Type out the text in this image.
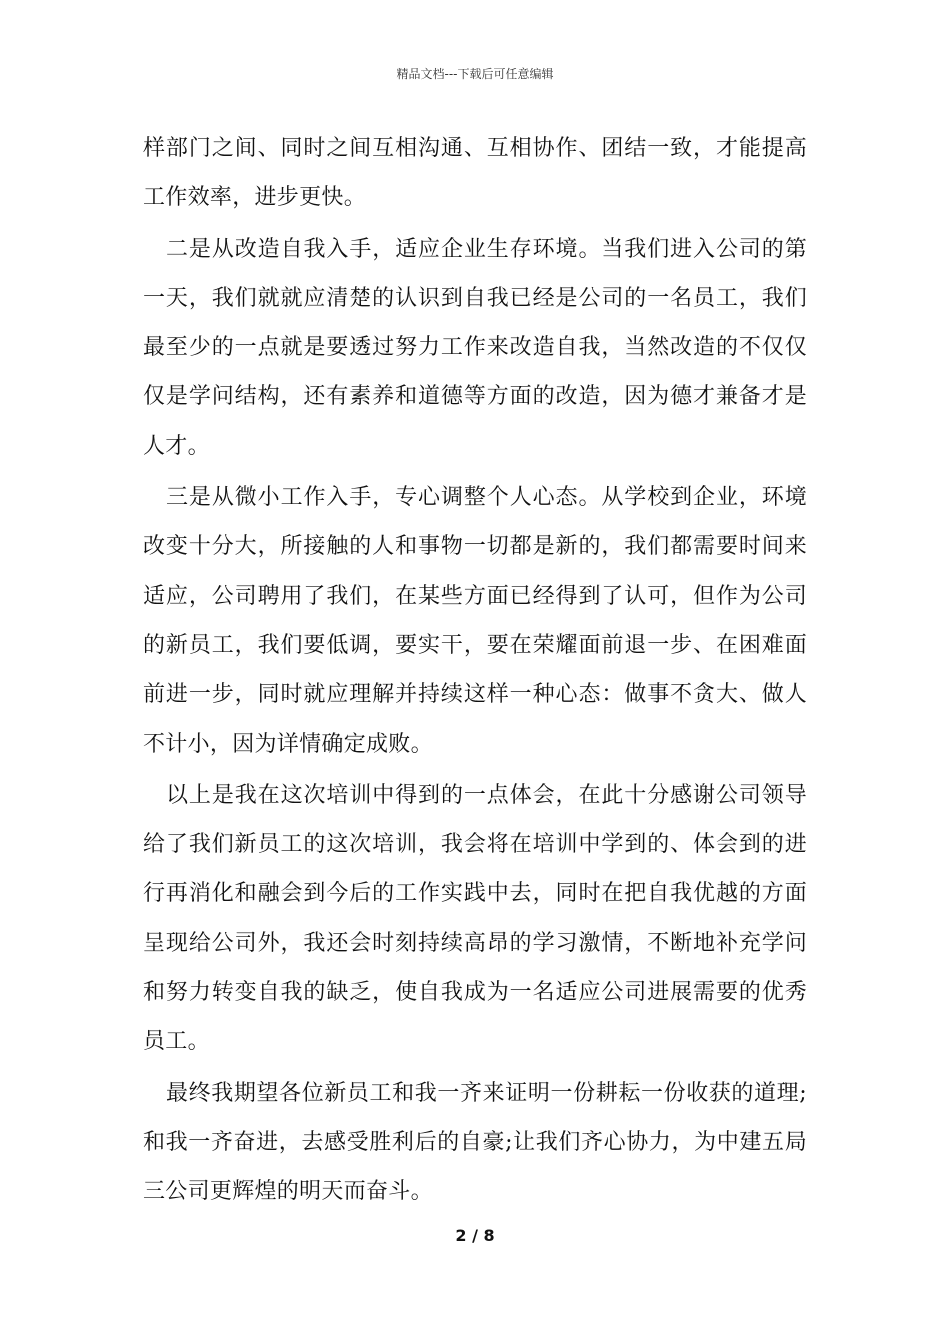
精品文档---下载后可任意编辑

样部门之间、同时之间互相沟通、互相协作、团结一致，才能提高工作效率，进步更快。

二是从改造自我入手，适应企业生存环境。当我们进入公司的第一天，我们就就应清楚的认识到自我已经是公司的一名员工，我们最至少的一点就是要透过努力工作来改造自我，当然改造的不仅仅仅是学问结构，还有素养和道德等方面的改造，因为德才兼备才是人才。

三是从微小工作入手，专心调整个人心态。从学校到企业，环境改变十分大，所接触的人和事物一切都是新的，我们都需要时间来适应，公司聘用了我们，在某些方面已经得到了认可，但作为公司的新员工，我们要低调，要实干，要在荣耀面前退一步、在困难面前进一步，同时就应理解并持续这样一种心态：做事不贪大、做人不计小，因为详情确定成败。

以上是我在这次培训中得到的一点体会，在此十分感谢公司领导给了我们新员工的这次培训，我会将在培训中学到的、体会到的进行再消化和融会到今后的工作实践中去，同时在把自我优越的方面呈现给公司外，我还会时刻持续高昂的学习激情，不断地补充学问和努力转变自我的缺乏，使自我成为一名适应公司进展需要的优秀员工。

最终我期望各位新员工和我一齐来证明一份耕耘一份收获的道理;和我一齐奋进，去感受胜利后的自豪;让我们齐心协力，为中建五局三公司更辉煌的明天而奋斗。

2 / 8
